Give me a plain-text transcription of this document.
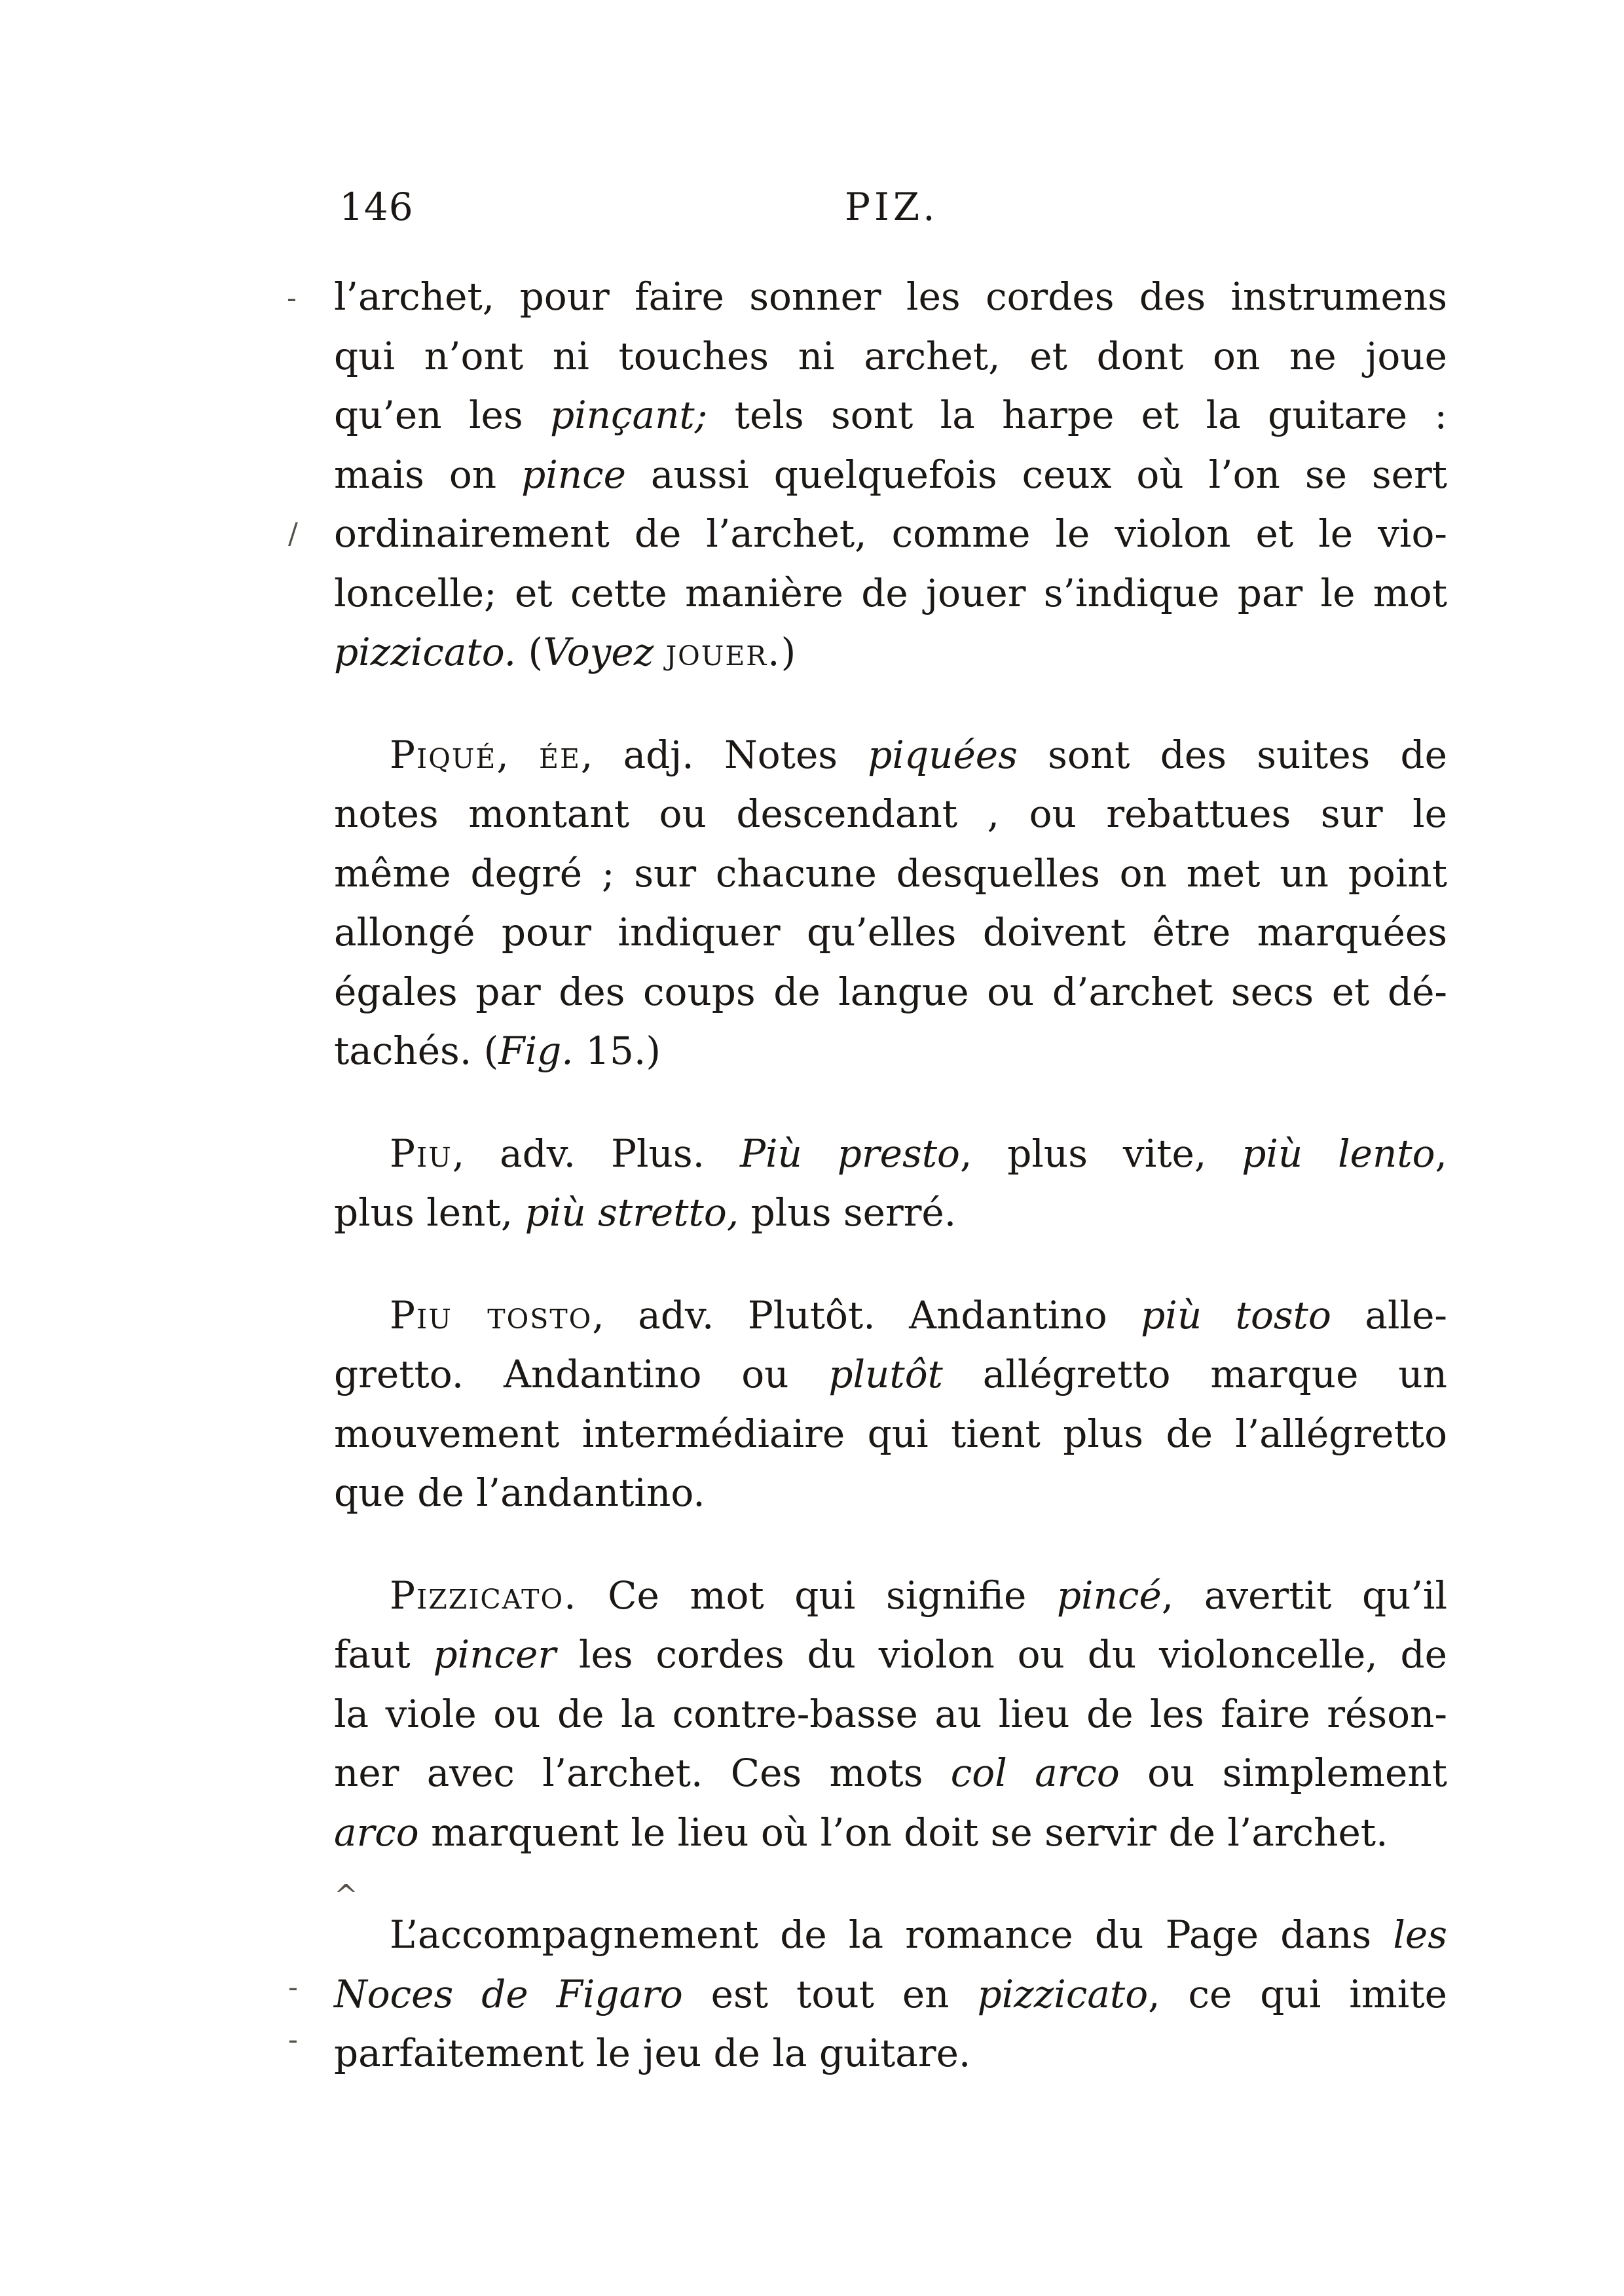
146	PIZ.
-
/
^
-
-
l’archet, pour faire sonner les cordes des instrumens
qui n’ont ni touches ni archet, et dont on ne joue
qu’en les pinçant; tels sont la harpe et la guitare :
mais on pince aussi quelquefois ceux où l’on se sert
ordinairement de l’archet, comme le violon et le vio-
loncelle; et cette manière de jouer s’indique par le mot
pizzicato. (Voyez jouer.)
Piqué, ée, adj. Notes piquées sont des suites de
notes montant ou descendant , ou rebattues sur le
même degré ; sur chacune desquelles on met un point
allongé pour indiquer qu’elles doivent être marquées
égales par des coups de langue ou d’archet secs et dé-
tachés. (Fig. 15.)
Piu, adv. Plus. Più presto, plus vite, più lento,
plus lent, più stretto, plus serré.
Piu tosto, adv. Plutôt. Andantino più tosto alle-
gretto. Andantino ou plutôt allégretto marque un
mouvement intermédiaire qui tient plus de l’allégretto
que de l’andantino.
Pizzicato. Ce mot qui signifie pincé, avertit qu’il
faut pincer les cordes du violon ou du violoncelle, de
la viole ou de la contre-basse au lieu de les faire réson-
ner avec l’archet. Ces mots col arco ou simplement
arco marquent le lieu où l’on doit se servir de l’archet.
L’accompagnement de la romance du Page dans les
Noces de Figaro est tout en pizzicato, ce qui imite
parfaitement le jeu de la guitare.
